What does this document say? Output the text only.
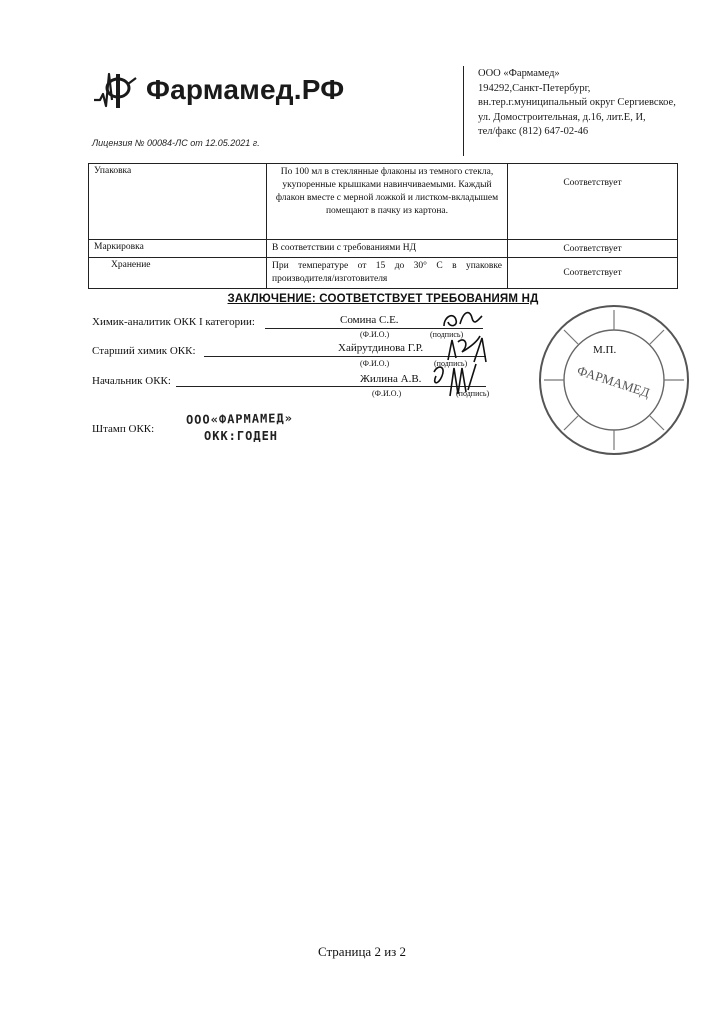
Фармамед.РФ
ООО «Фармамед»
194292,Санкт-Петербург,
вн.тер.г.муниципальный округ Сергиевское,
ул. Домостроительная, д.16, лит.Е, И,
тел/факс (812) 647-02-46
Лицензия № 00084-ЛС от 12.05.2021 г.
Упаковка	По 100 мл в стеклянные флаконы из темного стекла, укупоренные крышками навинчиваемыми. Каждый флакон вместе с мерной ложкой и листком-вкладышем помещают в пачку из картона.	Соответствует
Маркировка	В соответствии с требованиями НД	Соответствует
Хранение	При температуре от 15 до 30° С в упаковке производителя/изготовителя	Соответствует
ЗАКЛЮЧЕНИЕ: СООТВЕТСТВУЕТ ТРЕБОВАНИЯМ НД
Химик-аналитик ОКК I категории:	Сомина С.Е.
(Ф.И.О.)	(подпись)
Старший химик ОКК:	Хайрутдинова Г.Р.
(Ф.И.О.)	(подпись)
Начальник ОКК:	Жилина А.В.
(Ф.И.О.)	(подпись)
М.П.
ФАРМАМЕД
Штамп ОКК:
ООО«ФАРМАМЕД»
ОКК:ГОДЕН
Страница 2 из 2
